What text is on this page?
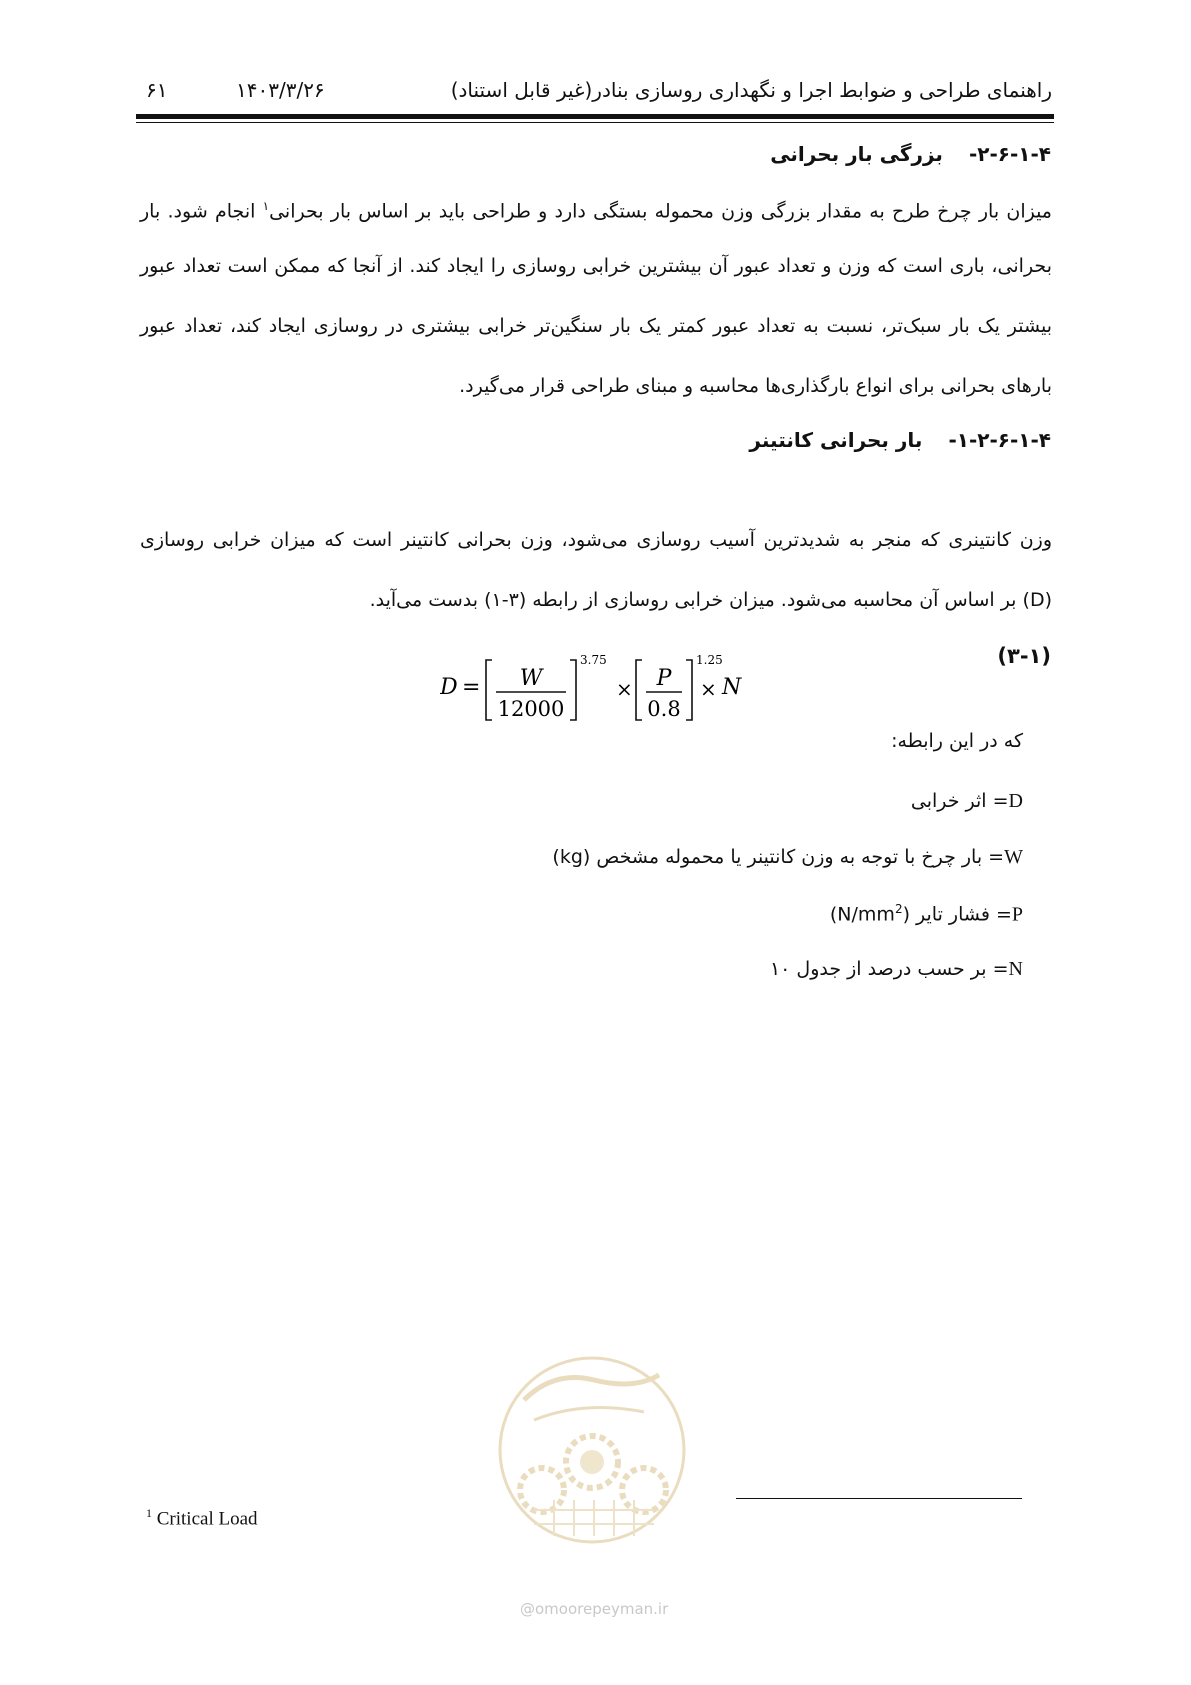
راهنمای طراحی و ضوابط اجرا و نگهداری روسازی بنادر(غیر قابل استناد)
۱۴۰۳/۳/۲۶
۶۱
۲-۶-۱-۴-بزرگی بار بحرانی
میزان بار چرخ طرح به مقدار بزرگی وزن محموله بستگی دارد و طراحی باید بر اساس بار بحرانی$^۱$ انجام شود. بار
بحرانی، باری است که وزن و تعداد عبور آن بیشترین خرابی روسازی را ایجاد کند. از آنجا که ممکن است تعداد عبور
بیشتر یک بار سبک‌تر، نسبت به تعداد عبور کمتر یک بار سنگین‌تر خرابی بیشتری در روسازی ایجاد کند، تعداد عبور
بارهای بحرانی برای انواع بارگذاری‌ها محاسبه و مبنای طراحی قرار می‌گیرد.
۱-۲-۶-۱-۴-بار بحرانی کانتینر
وزن کانتینری که منجر به شدیدترین آسیب روسازی می‌شود، وزن بحرانی کانتینر است که میزان خرابی روسازی
(D) بر اساس آن محاسبه می‌شود. میزان خرابی روسازی از رابطه (۳-۱) بدست می‌آید.
(۳-۱)
D = W
12000
3.75
× P
0.8
1.25
× N
که در این رابطه:
D= اثر خرابی
W= بار چرخ با توجه به وزن کانتینر یا محموله مشخص (kg)
P= فشار تایر $(N/mm^2)$
N= بر حسب درصد از جدول ۱۰
@omoorepeyman.ir
$^1$ Critical Load
